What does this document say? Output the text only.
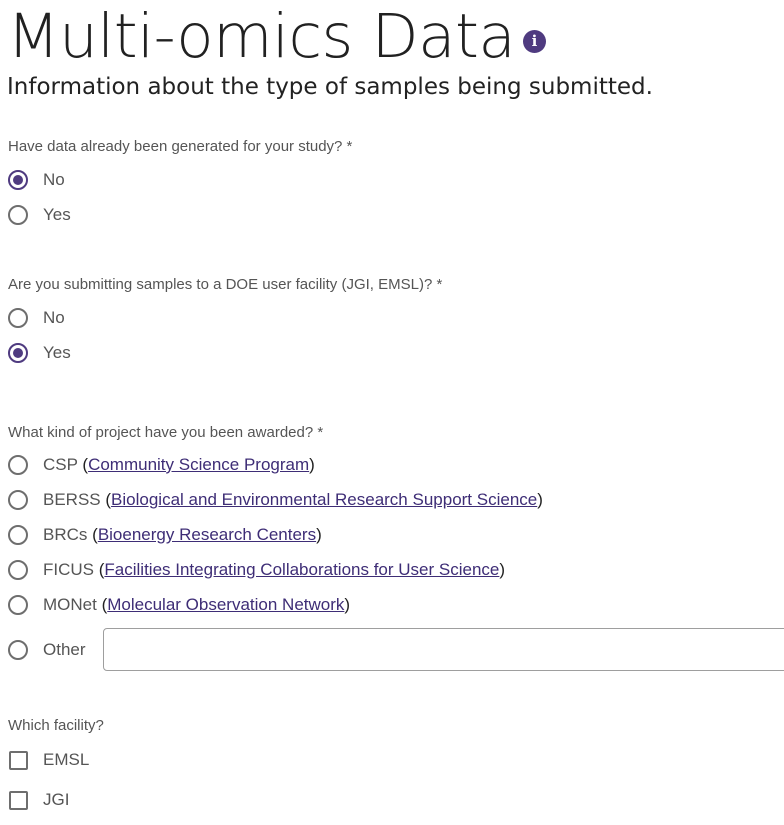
Multi-omics Data	i

Information about the type of samples being submitted.

Have data already been generated for your study? *
No
Yes
Are you submitting samples to a DOE user facility (JGI, EMSL)? *
No
Yes
What kind of project have you been awarded? *
CSP (Community Science Program)
BERSS (Biological and Environmental Research Support Science)
BRCs (Bioenergy Research Centers)
FICUS (Facilities Integrating Collaborations for User Science)
MONet (Molecular Observation Network)
Other
Which facility?
EMSL
JGI
